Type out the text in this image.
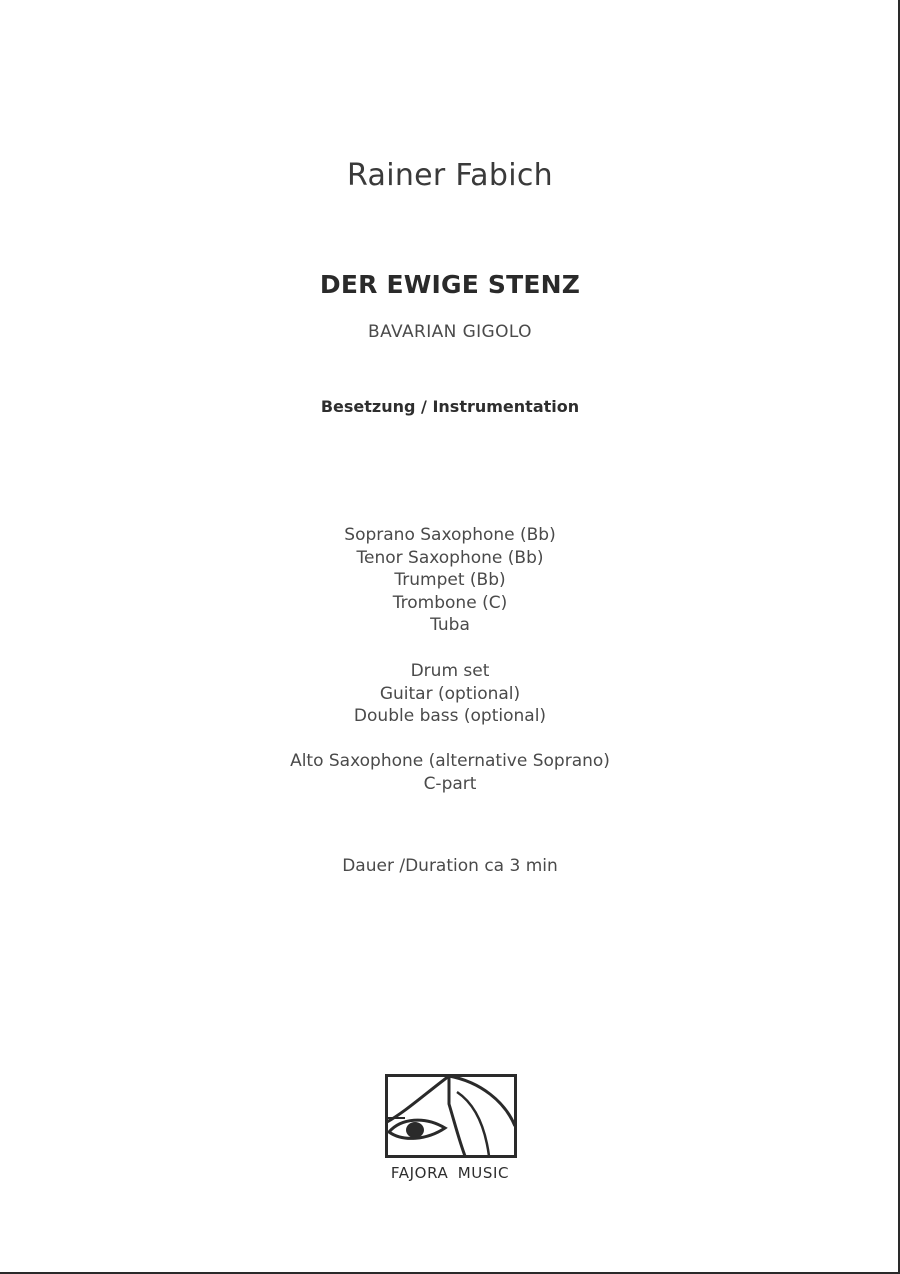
Rainer Fabich
DER EWIGE STENZ
BAVARIAN GIGOLO
Besetzung / Instrumentation
Soprano Saxophone (Bb)
Tenor Saxophone (Bb)
Trumpet (Bb)
Trombone (C)
Tuba
Drum set
Guitar (optional)
Double bass (optional)
Alto Saxophone (alternative Soprano)
C-part
Dauer /Duration ca 3 min
FAJORA MUSIC
